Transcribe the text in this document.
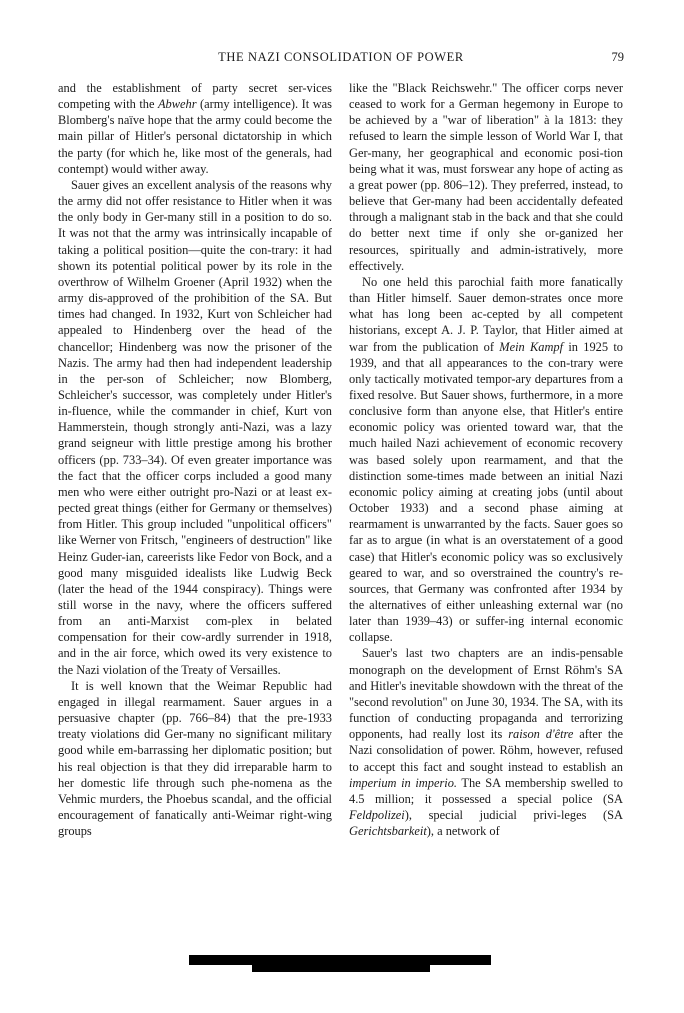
THE NAZI CONSOLIDATION OF POWER	79

and the establishment of party secret ser-vices competing with the Abwehr (army intelligence). It was Blomberg's naïve hope that the army could become the main pillar of Hitler's personal dictatorship in which the party (for which he, like most of the generals, had contempt) would wither away.

Sauer gives an excellent analysis of the reasons why the army did not offer resistance to Hitler when it was the only body in Ger-many still in a position to do so. It was not that the army was intrinsically incapable of taking a political position—quite the con-trary: it had shown its potential political power by its role in the overthrow of Wilhelm Groener (April 1932) when the army dis-approved of the prohibition of the SA. But times had changed. In 1932, Kurt von Schleicher had appealed to Hindenberg over the head of the chancellor; Hindenberg was now the prisoner of the Nazis. The army had then had independent leadership in the per-son of Schleicher; now Blomberg, Schleicher's successor, was completely under Hitler's in-fluence, while the commander in chief, Kurt von Hammerstein, though strongly anti-Nazi, was a lazy grand seigneur with little prestige among his brother officers (pp. 733–34). Of even greater importance was the fact that the officer corps included a good many men who were either outright pro-Nazi or at least ex-pected great things (either for Germany or themselves) from Hitler. This group included "unpolitical officers" like Werner von Fritsch, "engineers of destruction" like Heinz Guder-ian, careerists like Fedor von Bock, and a good many misguided idealists like Ludwig Beck (later the head of the 1944 conspiracy). Things were still worse in the navy, where the officers suffered from an anti-Marxist com-plex in belated compensation for their cow-ardly surrender in 1918, and in the air force, which owed its very existence to the Nazi violation of the Treaty of Versailles.

It is well known that the Weimar Republic had engaged in illegal rearmament. Sauer argues in a persuasive chapter (pp. 766–84) that the pre-1933 treaty violations did Ger-many no significant military good while em-barrassing her diplomatic position; but his real objection is that they did irreparable harm to her domestic life through such phe-nomena as the Vehmic murders, the Phoebus scandal, and the official encouragement of fanatically anti-Weimar right-wing groups

like the "Black Reichswehr." The officer corps never ceased to work for a German hegemony in Europe to be achieved by a "war of liberation" à la 1813: they refused to learn the simple lesson of World War I, that Ger-many, her geographical and economic posi-tion being what it was, must forswear any hope of acting as a great power (pp. 806–12). They preferred, instead, to believe that Ger-many had been accidentally defeated through a malignant stab in the back and that she could do better next time if only she or-ganized her resources, spiritually and admin-istratively, more effectively.

No one held this parochial faith more fanatically than Hitler himself. Sauer demon-strates once more what has long been ac-cepted by all competent historians, except A. J. P. Taylor, that Hitler aimed at war from the publication of Mein Kampf in 1925 to 1939, and that all appearances to the con-trary were only tactically motivated tempor-ary departures from a fixed resolve. But Sauer shows, furthermore, in a more conclusive form than anyone else, that Hitler's entire economic policy was oriented toward war, that the much hailed Nazi achievement of economic recovery was based solely upon rearmament, and that the distinction some-times made between an initial Nazi economic policy aiming at creating jobs (until about October 1933) and a second phase aiming at rearmament is unwarranted by the facts. Sauer goes so far as to argue (in what is an overstatement of a good case) that Hitler's economic policy was so exclusively geared to war, and so overstrained the country's re-sources, that Germany was confronted after 1934 by the alternatives of either unleashing external war (no later than 1939–43) or suffer-ing internal economic collapse.

Sauer's last two chapters are an indis-pensable monograph on the development of Ernst Röhm's SA and Hitler's inevitable showdown with the threat of the "second revolution" on June 30, 1934. The SA, with its function of conducting propaganda and terrorizing opponents, had really lost its raison d'être after the Nazi consolidation of power. Röhm, however, refused to accept this fact and sought instead to establish an imperium in imperio. The SA membership swelled to 4.5 million; it possessed a special police (SA Feldpolizei), special judicial privi-leges (SA Gerichtsbarkeit), a network of
